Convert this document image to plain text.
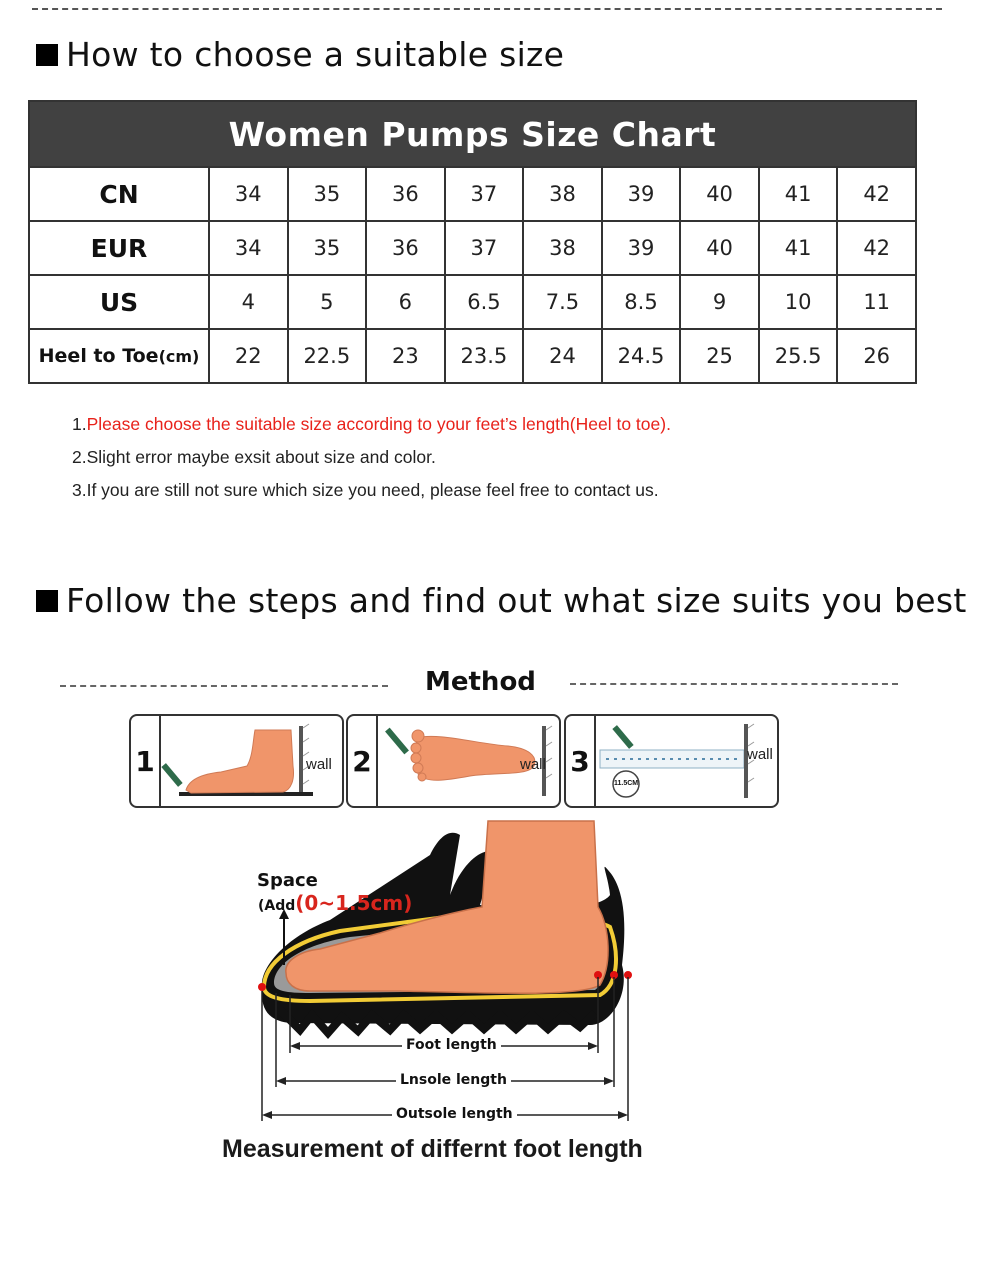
How to choose a suitable size
Women Pumps Size Chart									
CN	34	35	36	37	38	39	40	41	42
EUR	34	35	36	37	38	39	40	41	42
US	4	5	6	6.5	7.5	8.5	9	10	11
Heel to Toe(cm)	22	22.5	23	23.5	24	24.5	25	25.5	26
1.Please choose the suitable size according to your feet’s length(Heel to toe).
2.Slight error maybe exsit about size and color.
3.If you are still not sure which size you need, please feel free to contact us.
Follow the steps and find out what size suits you best
Method
1	wall 2	wall 3
11.5CM
wall
Space
(Add(0~1.5cm)
Foot length
Lnsole length
Outsole length
Measurement of differnt foot length
